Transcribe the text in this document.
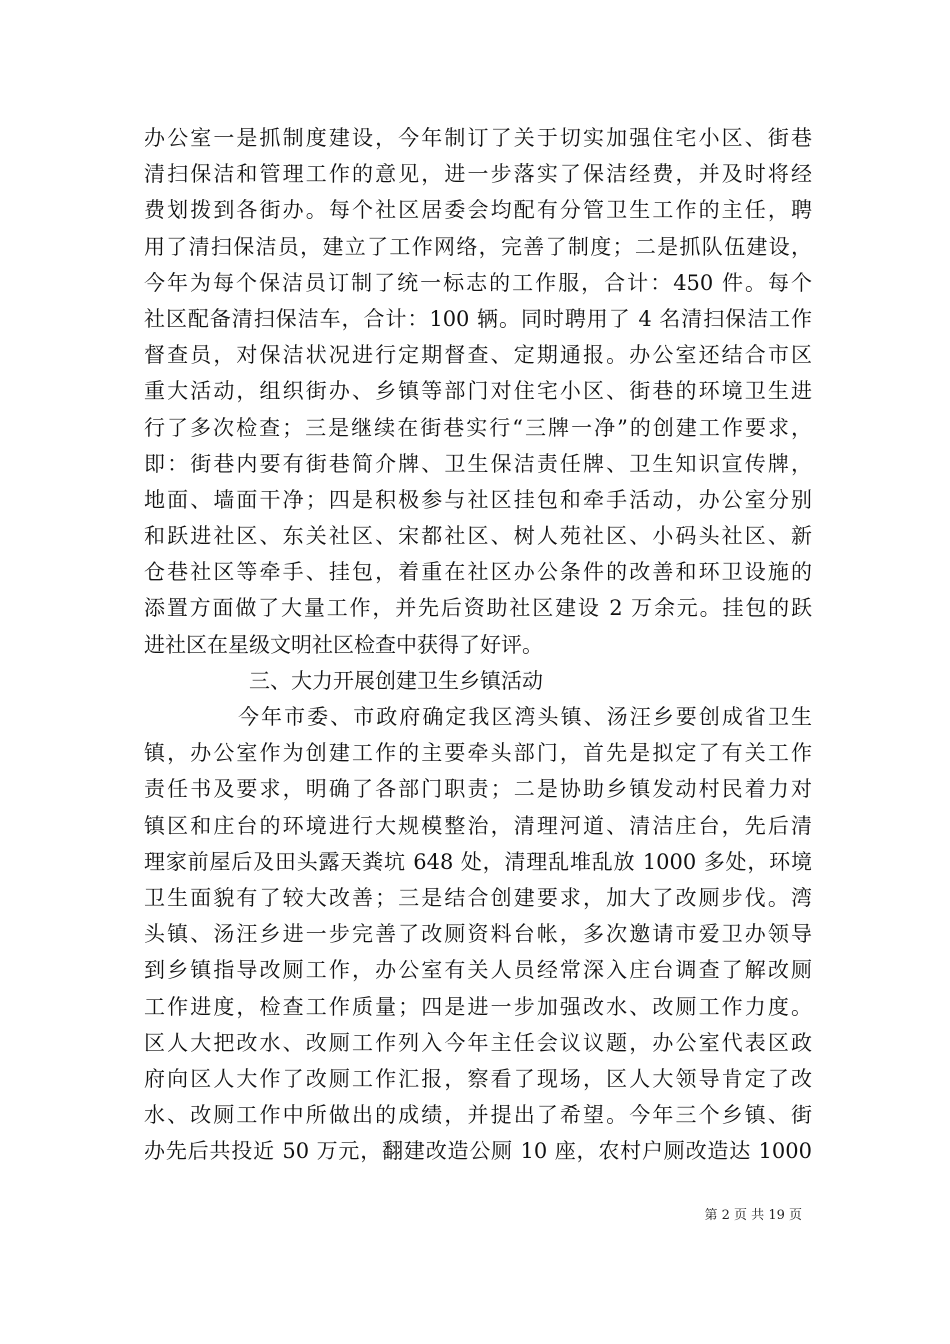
办公室一是抓制度建设，今年制订了关于切实加强住宅小区、街巷
清扫保洁和管理工作的意见，进一步落实了保洁经费，并及时将经
费划拨到各街办。每个社区居委会均配有分管卫生工作的主任，聘
用了清扫保洁员，建立了工作网络，完善了制度；二是抓队伍建设，
今年为每个保洁员订制了统一标志的工作服，合计：450 件。每个
社区配备清扫保洁车，合计：100 辆。同时聘用了 4 名清扫保洁工作
督查员，对保洁状况进行定期督查、定期通报。办公室还结合市区
重大活动，组织街办、乡镇等部门对住宅小区、街巷的环境卫生进
行了多次检查；三是继续在街巷实行“三牌一净”的创建工作要求，
即：街巷内要有街巷简介牌、卫生保洁责任牌、卫生知识宣传牌，
地面、墙面干净；四是积极参与社区挂包和牵手活动，办公室分别
和跃进社区、东关社区、宋都社区、树人苑社区、小码头社区、新
仓巷社区等牵手、挂包，着重在社区办公条件的改善和环卫设施的
添置方面做了大量工作，并先后资助社区建设 2 万余元。挂包的跃
进社区在星级文明社区检查中获得了好评。
三、大力开展创建卫生乡镇活动
今年市委、市政府确定我区湾头镇、汤汪乡要创成省卫生
镇，办公室作为创建工作的主要牵头部门，首先是拟定了有关工作
责任书及要求，明确了各部门职责；二是协助乡镇发动村民着力对
镇区和庄台的环境进行大规模整治，清理河道、清洁庄台，先后清
理家前屋后及田头露天粪坑 648 处，清理乱堆乱放 1000 多处，环境
卫生面貌有了较大改善；三是结合创建要求，加大了改厕步伐。湾
头镇、汤汪乡进一步完善了改厕资料台帐，多次邀请市爱卫办领导
到乡镇指导改厕工作，办公室有关人员经常深入庄台调查了解改厕
工作进度，检查工作质量；四是进一步加强改水、改厕工作力度。
区人大把改水、改厕工作列入今年主任会议议题，办公室代表区政
府向区人大作了改厕工作汇报，察看了现场，区人大领导肯定了改
水、改厕工作中所做出的成绩，并提出了希望。今年三个乡镇、街
办先后共投近 50 万元，翻建改造公厕 10 座，农村户厕改造达 1000
第 2 页 共 19 页
